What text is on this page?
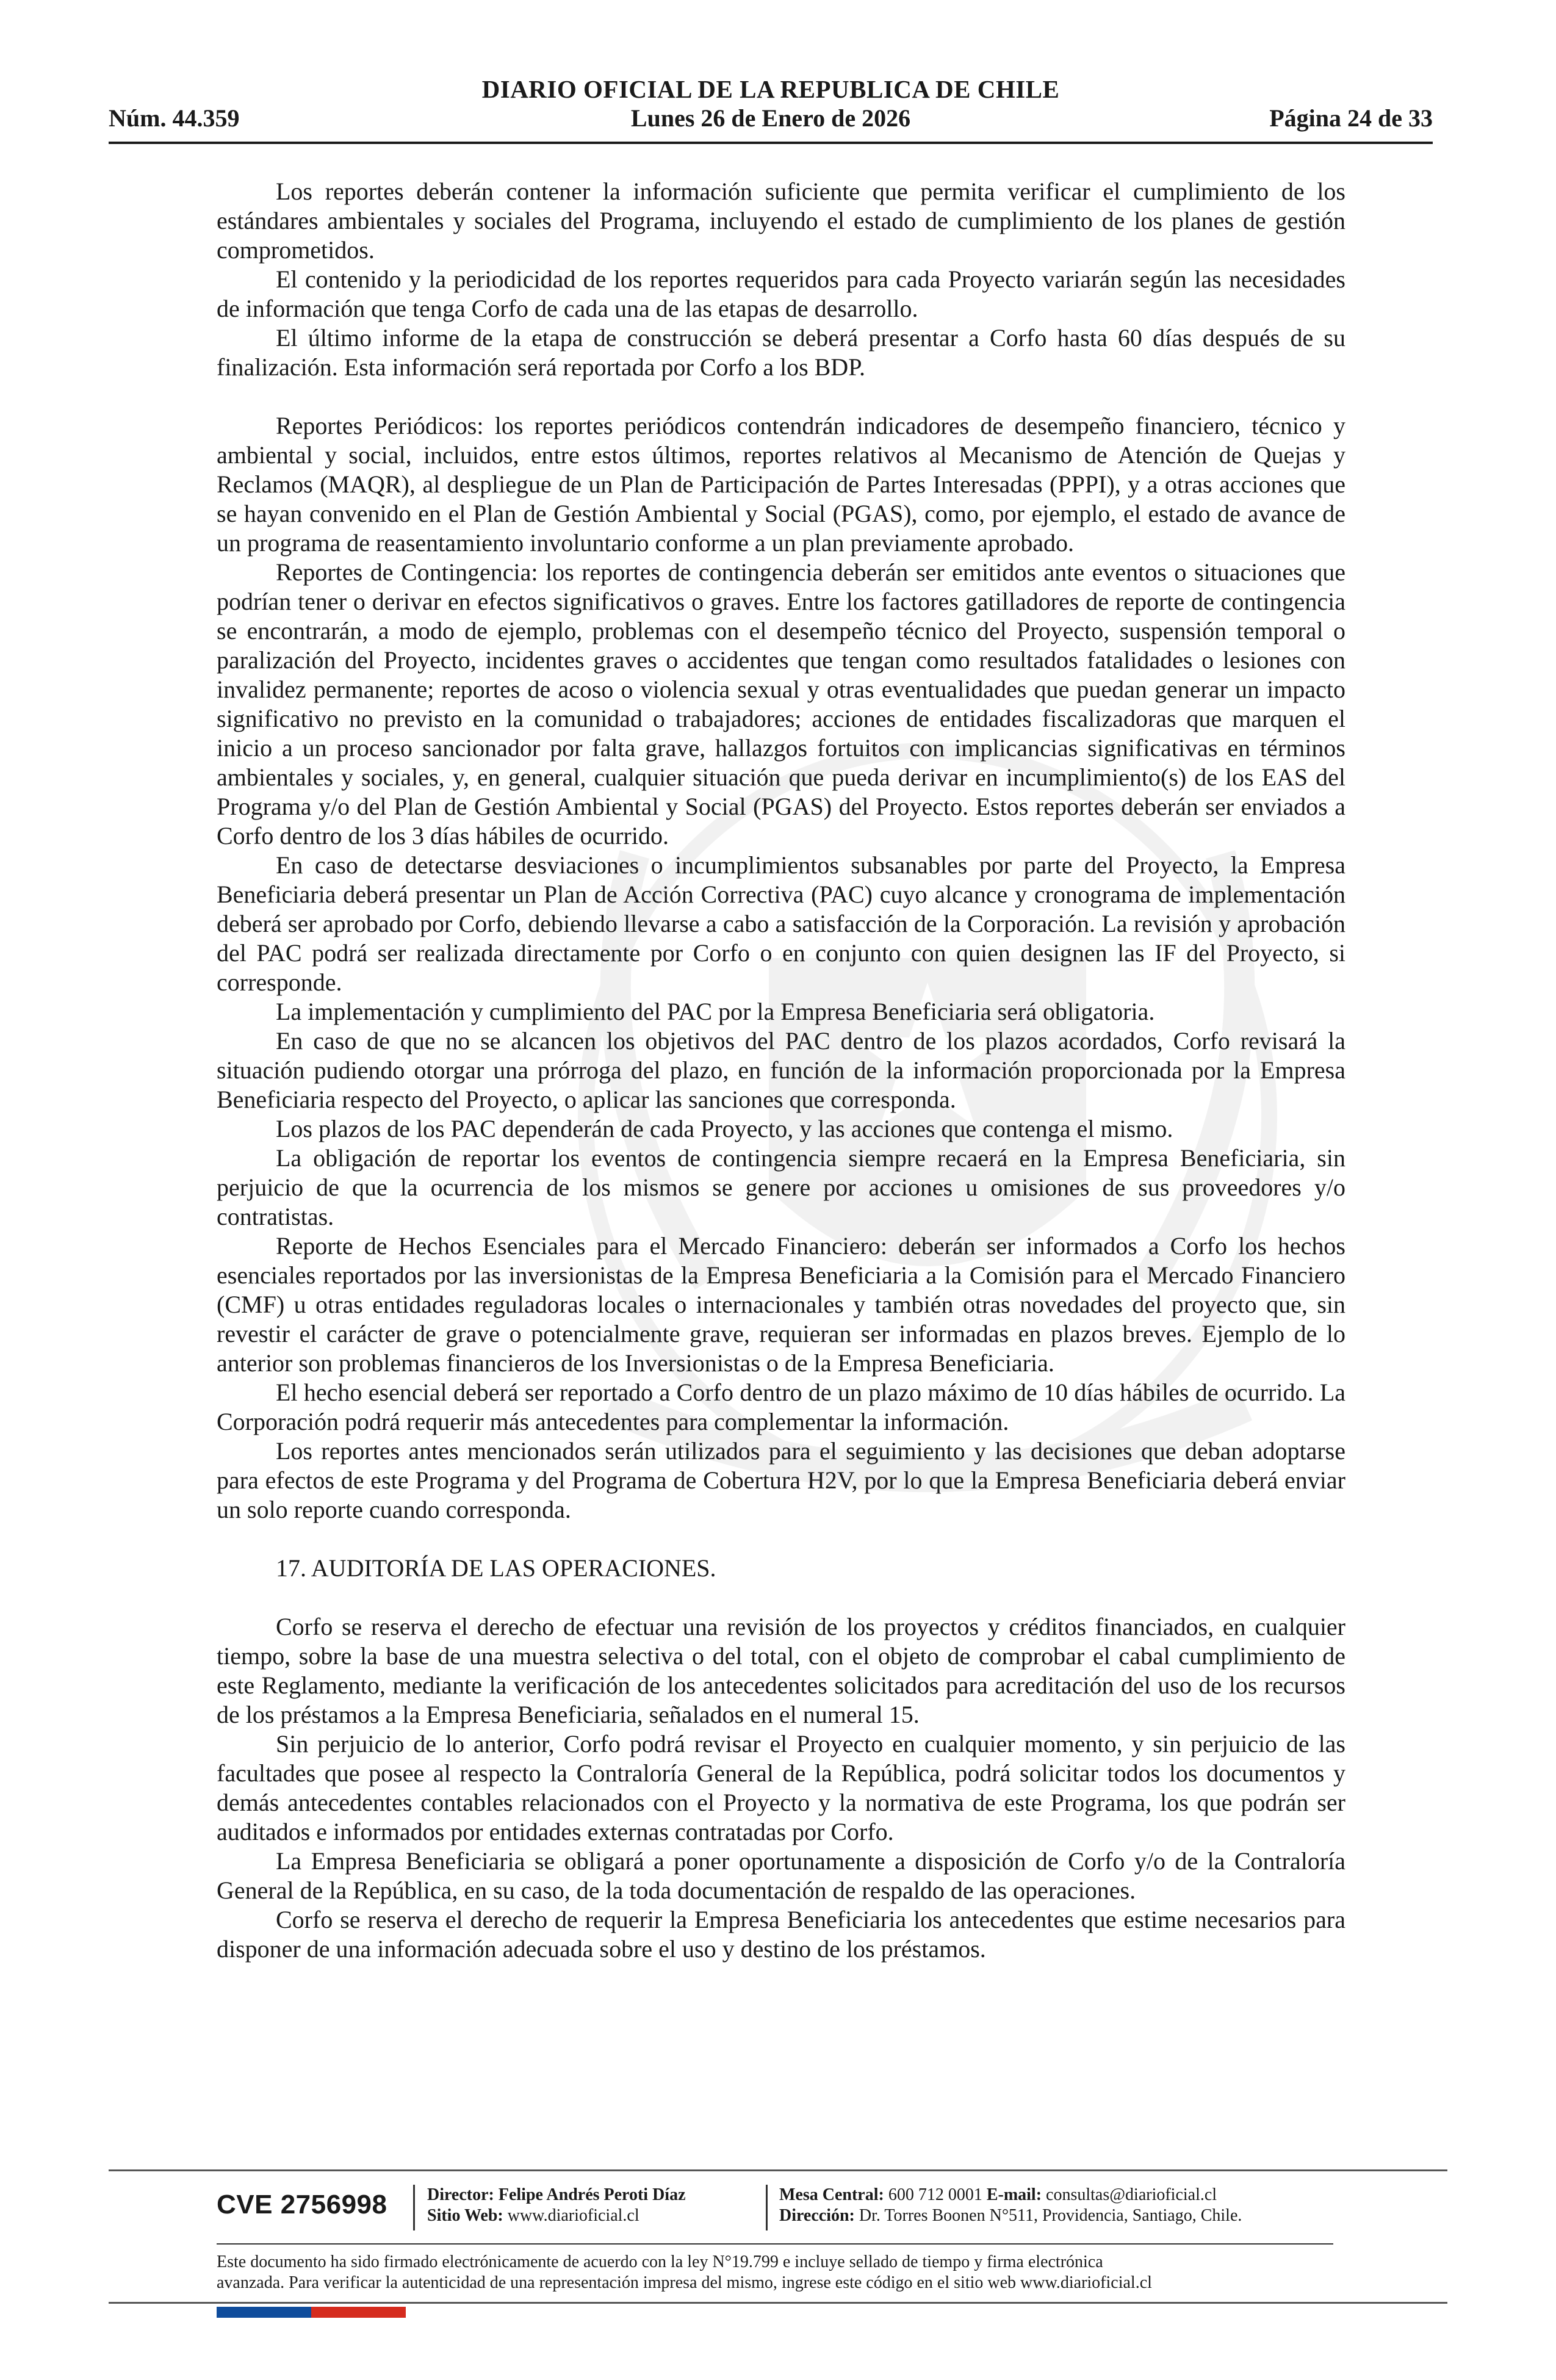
DIARIO OFICIAL DE LA REPUBLICA DE CHILE
Núm. 44.359	Lunes 26 de Enero de 2026	Página 24 de 33

Los reportes deberán contener la información suficiente que permita verificar el cumplimiento de los estándares ambientales y sociales del Programa, incluyendo el estado de cumplimiento de los planes de gestión comprometidos.

El contenido y la periodicidad de los reportes requeridos para cada Proyecto variarán según las necesidades de información que tenga Corfo de cada una de las etapas de desarrollo.

El último informe de la etapa de construcción se deberá presentar a Corfo hasta 60 días después de su finalización. Esta información será reportada por Corfo a los BDP.

Reportes Periódicos: los reportes periódicos contendrán indicadores de desempeño financiero, técnico y ambiental y social, incluidos, entre estos últimos, reportes relativos al Mecanismo de Atención de Quejas y Reclamos (MAQR), al despliegue de un Plan de Participación de Partes Interesadas (PPPI), y a otras acciones que se hayan convenido en el Plan de Gestión Ambiental y Social (PGAS), como, por ejemplo, el estado de avance de un programa de reasentamiento involuntario conforme a un plan previamente aprobado.

Reportes de Contingencia: los reportes de contingencia deberán ser emitidos ante eventos o situaciones que podrían tener o derivar en efectos significativos o graves. Entre los factores gatilladores de reporte de contingencia se encontrarán, a modo de ejemplo, problemas con el desempeño técnico del Proyecto, suspensión temporal o paralización del Proyecto, incidentes graves o accidentes que tengan como resultados fatalidades o lesiones con invalidez permanente; reportes de acoso o violencia sexual y otras eventualidades que puedan generar un impacto significativo no previsto en la comunidad o trabajadores; acciones de entidades fiscalizadoras que marquen el inicio a un proceso sancionador por falta grave, hallazgos fortuitos con implicancias significativas en términos ambientales y sociales, y, en general, cualquier situación que pueda derivar en incumplimiento(s) de los EAS del Programa y/o del Plan de Gestión Ambiental y Social (PGAS) del Proyecto. Estos reportes deberán ser enviados a Corfo dentro de los 3 días hábiles de ocurrido.

En caso de detectarse desviaciones o incumplimientos subsanables por parte del Proyecto, la Empresa Beneficiaria deberá presentar un Plan de Acción Correctiva (PAC) cuyo alcance y cronograma de implementación deberá ser aprobado por Corfo, debiendo llevarse a cabo a satisfacción de la Corporación. La revisión y aprobación del PAC podrá ser realizada directamente por Corfo o en conjunto con quien designen las IF del Proyecto, si corresponde.

La implementación y cumplimiento del PAC por la Empresa Beneficiaria será obligatoria.

En caso de que no se alcancen los objetivos del PAC dentro de los plazos acordados, Corfo revisará la situación pudiendo otorgar una prórroga del plazo, en función de la información proporcionada por la Empresa Beneficiaria respecto del Proyecto, o aplicar las sanciones que corresponda.

Los plazos de los PAC dependerán de cada Proyecto, y las acciones que contenga el mismo.

La obligación de reportar los eventos de contingencia siempre recaerá en la Empresa Beneficiaria, sin perjuicio de que la ocurrencia de los mismos se genere por acciones u omisiones de sus proveedores y/o contratistas.

Reporte de Hechos Esenciales para el Mercado Financiero: deberán ser informados a Corfo los hechos esenciales reportados por las inversionistas de la Empresa Beneficiaria a la Comisión para el Mercado Financiero (CMF) u otras entidades reguladoras locales o internacionales y también otras novedades del proyecto que, sin revestir el carácter de grave o potencialmente grave, requieran ser informadas en plazos breves. Ejemplo de lo anterior son problemas financieros de los Inversionistas o de la Empresa Beneficiaria.

El hecho esencial deberá ser reportado a Corfo dentro de un plazo máximo de 10 días hábiles de ocurrido. La Corporación podrá requerir más antecedentes para complementar la información.

Los reportes antes mencionados serán utilizados para el seguimiento y las decisiones que deban adoptarse para efectos de este Programa y del Programa de Cobertura H2V, por lo que la Empresa Beneficiaria deberá enviar un solo reporte cuando corresponda.

17. AUDITORÍA DE LAS OPERACIONES.

Corfo se reserva el derecho de efectuar una revisión de los proyectos y créditos financiados, en cualquier tiempo, sobre la base de una muestra selectiva o del total, con el objeto de comprobar el cabal cumplimiento de este Reglamento, mediante la verificación de los antecedentes solicitados para acreditación del uso de los recursos de los préstamos a la Empresa Beneficiaria, señalados en el numeral 15.

Sin perjuicio de lo anterior, Corfo podrá revisar el Proyecto en cualquier momento, y sin perjuicio de las facultades que posee al respecto la Contraloría General de la República, podrá solicitar todos los documentos y demás antecedentes contables relacionados con el Proyecto y la normativa de este Programa, los que podrán ser auditados e informados por entidades externas contratadas por Corfo.

La Empresa Beneficiaria se obligará a poner oportunamente a disposición de Corfo y/o de la Contraloría General de la República, en su caso, de la toda documentación de respaldo de las operaciones.

Corfo se reserva el derecho de requerir la Empresa Beneficiaria los antecedentes que estime necesarios para disponer de una información adecuada sobre el uso y destino de los préstamos.

CVE 2756998 Director: Felipe Andrés Peroti Díaz
Sitio Web: www.diarioficial.cl
Mesa Central: 600 712 0001 E-mail: consultas@diarioficial.cl
Dirección: Dr. Torres Boonen N°511, Providencia, Santiago, Chile.
Este documento ha sido firmado electrónicamente de acuerdo con la ley N°19.799 e incluye sellado de tiempo y firma electrónica
avanzada. Para verificar la autenticidad de una representación impresa del mismo, ingrese este código en el sitio web www.diarioficial.cl
